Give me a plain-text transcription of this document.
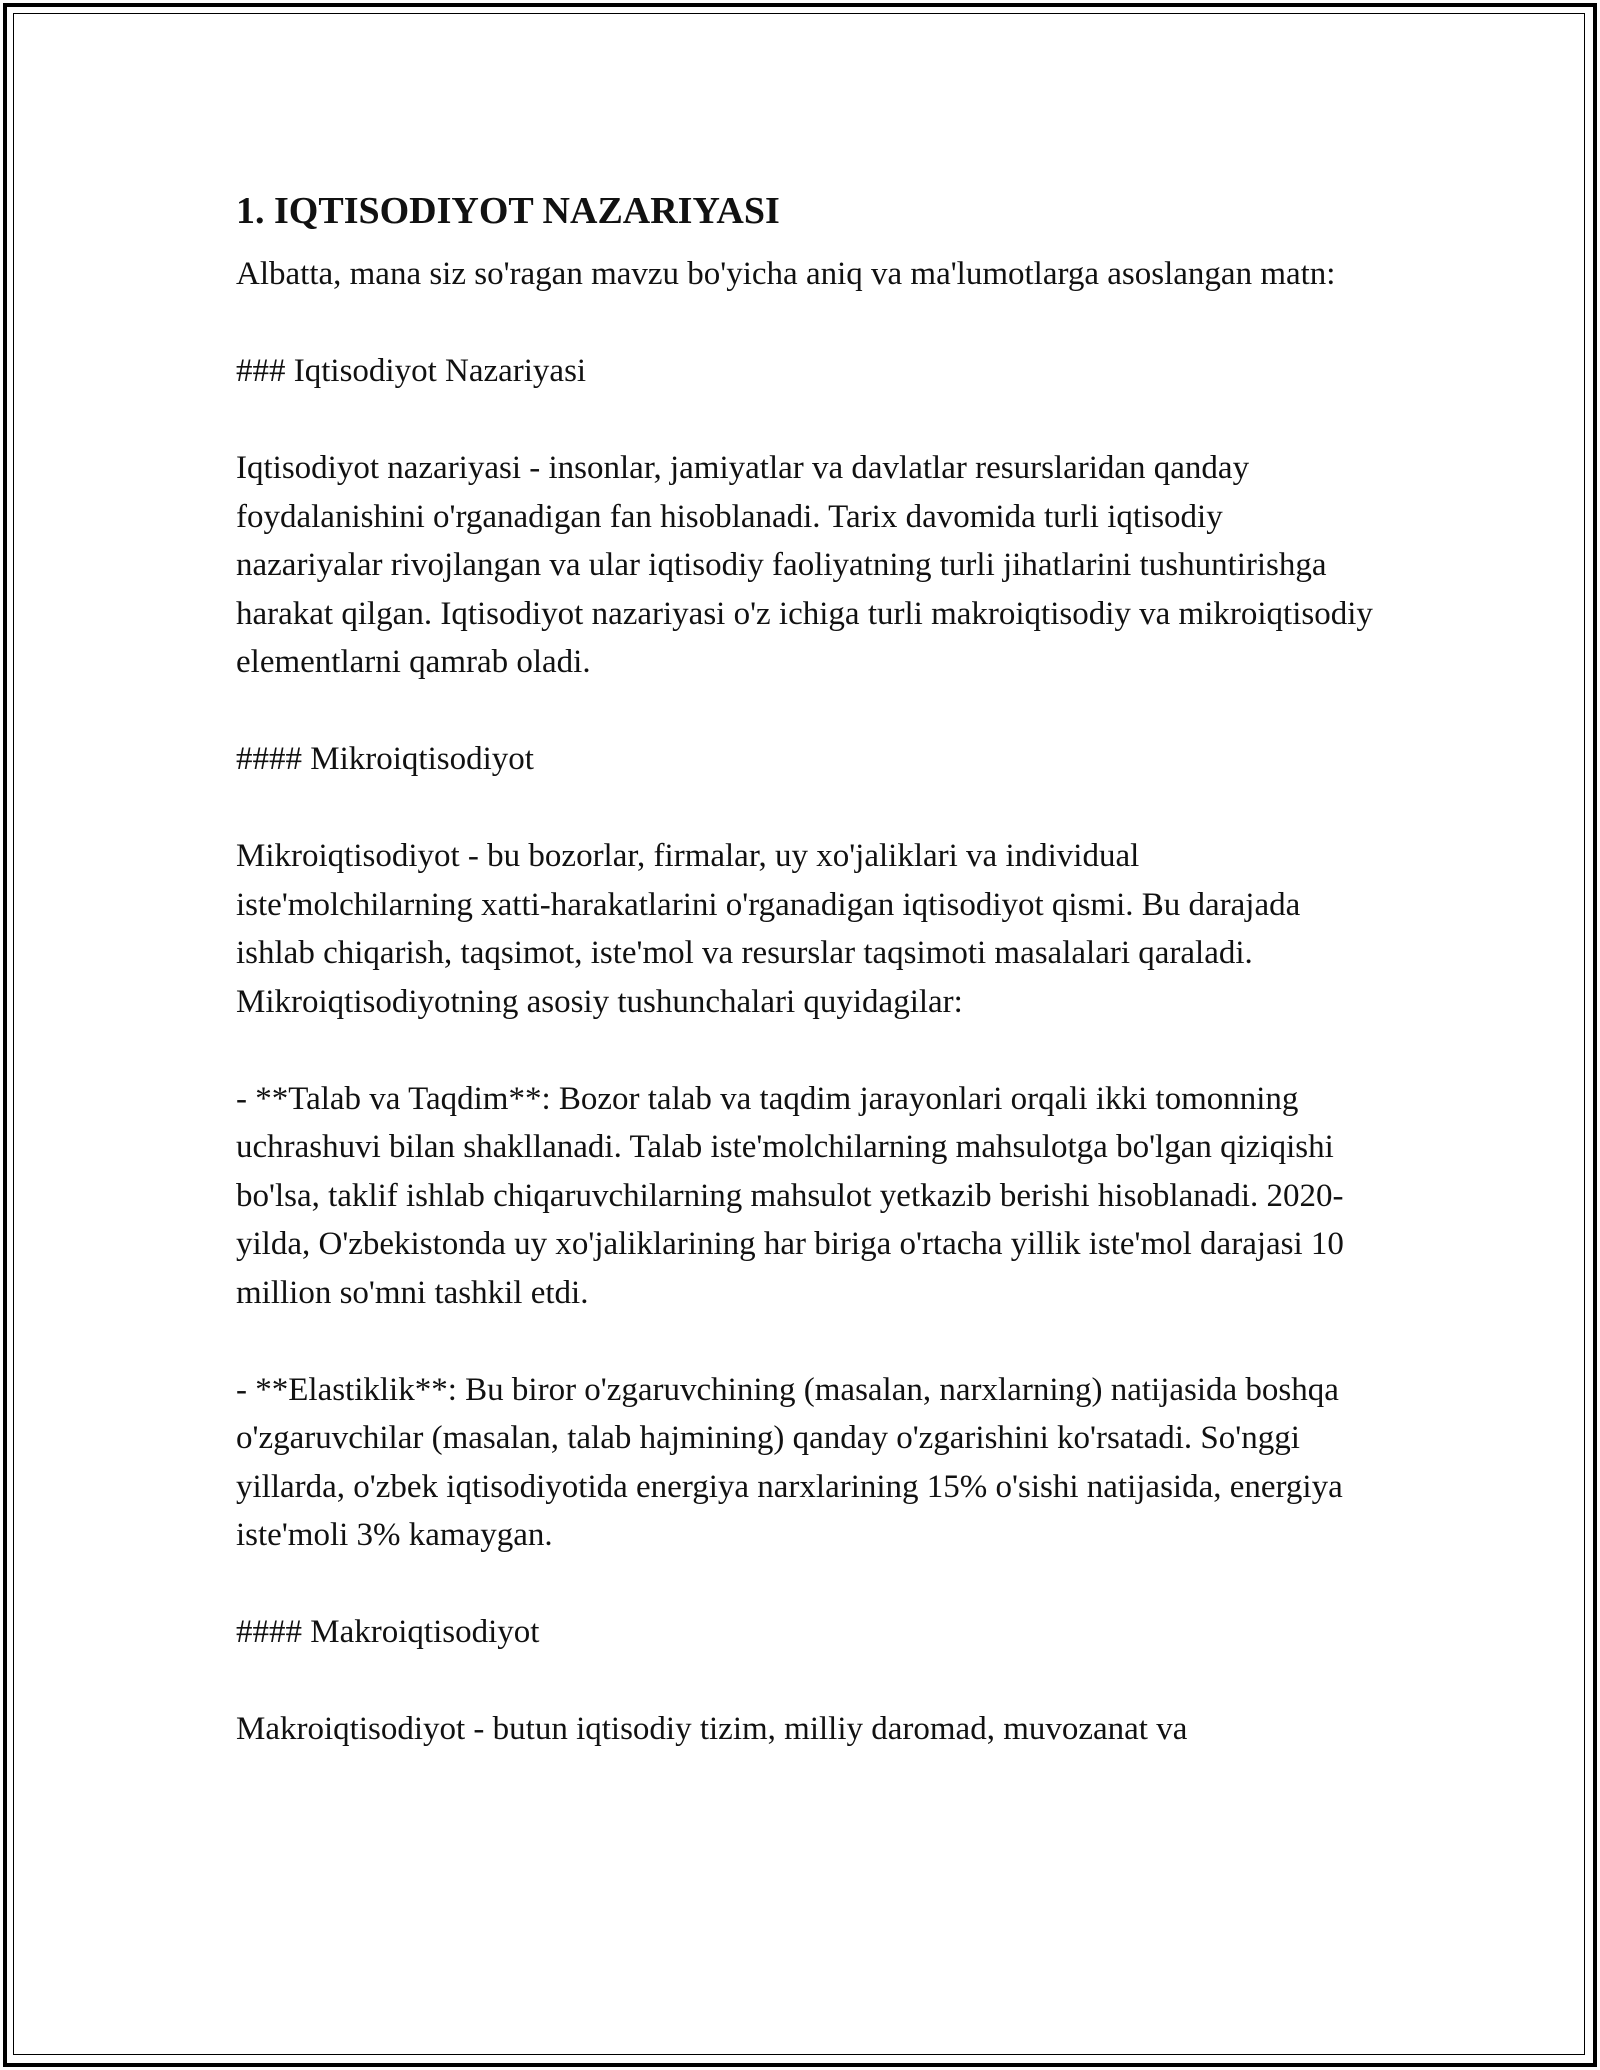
1. IQTISODIYOT NAZARIYASI

Albatta, mana siz so'ragan mavzu bo'yicha aniq va ma'lumotlarga asoslangan matn:

### Iqtisodiyot Nazariyasi

Iqtisodiyot nazariyasi - insonlar, jamiyatlar va davlatlar resurslaridan qanday foydalanishini o'rganadigan fan hisoblanadi. Tarix davomida turli iqtisodiy nazariyalar rivojlangan va ular iqtisodiy faoliyatning turli jihatlarini tushuntirishga harakat qilgan. Iqtisodiyot nazariyasi o'z ichiga turli makroiqtisodiy va mikroiqtisodiy elementlarni qamrab oladi.

#### Mikroiqtisodiyot

Mikroiqtisodiyot - bu bozorlar, firmalar, uy xo'jaliklari va individual iste'molchilarning xatti-harakatlarini o'rganadigan iqtisodiyot qismi. Bu darajada ishlab chiqarish, taqsimot, iste'mol va resurslar taqsimoti masalalari qaraladi. Mikroiqtisodiyotning asosiy tushunchalari quyidagilar:

- **Talab va Taqdim**: Bozor talab va taqdim jarayonlari orqali ikki tomonning uchrashuvi bilan shakllanadi. Talab iste'molchilarning mahsulotga bo'lgan qiziqishi bo'lsa, taklif ishlab chiqaruvchilarning mahsulot yetkazib berishi hisoblanadi. 2020-yilda, O'zbekistonda uy xo'jaliklarining har biriga o'rtacha yillik iste'mol darajasi 10 million so'mni tashkil etdi.

- **Elastiklik**: Bu biror o'zgaruvchining (masalan, narxlarning) natijasida boshqa o'zgaruvchilar (masalan, talab hajmining) qanday o'zgarishini ko'rsatadi. So'nggi yillarda, o'zbek iqtisodiyotida energiya narxlarining 15% o'sishi natijasida, energiya iste'moli 3% kamaygan.

#### Makroiqtisodiyot

Makroiqtisodiyot - butun iqtisodiy tizim, milliy daromad, muvozanat va
